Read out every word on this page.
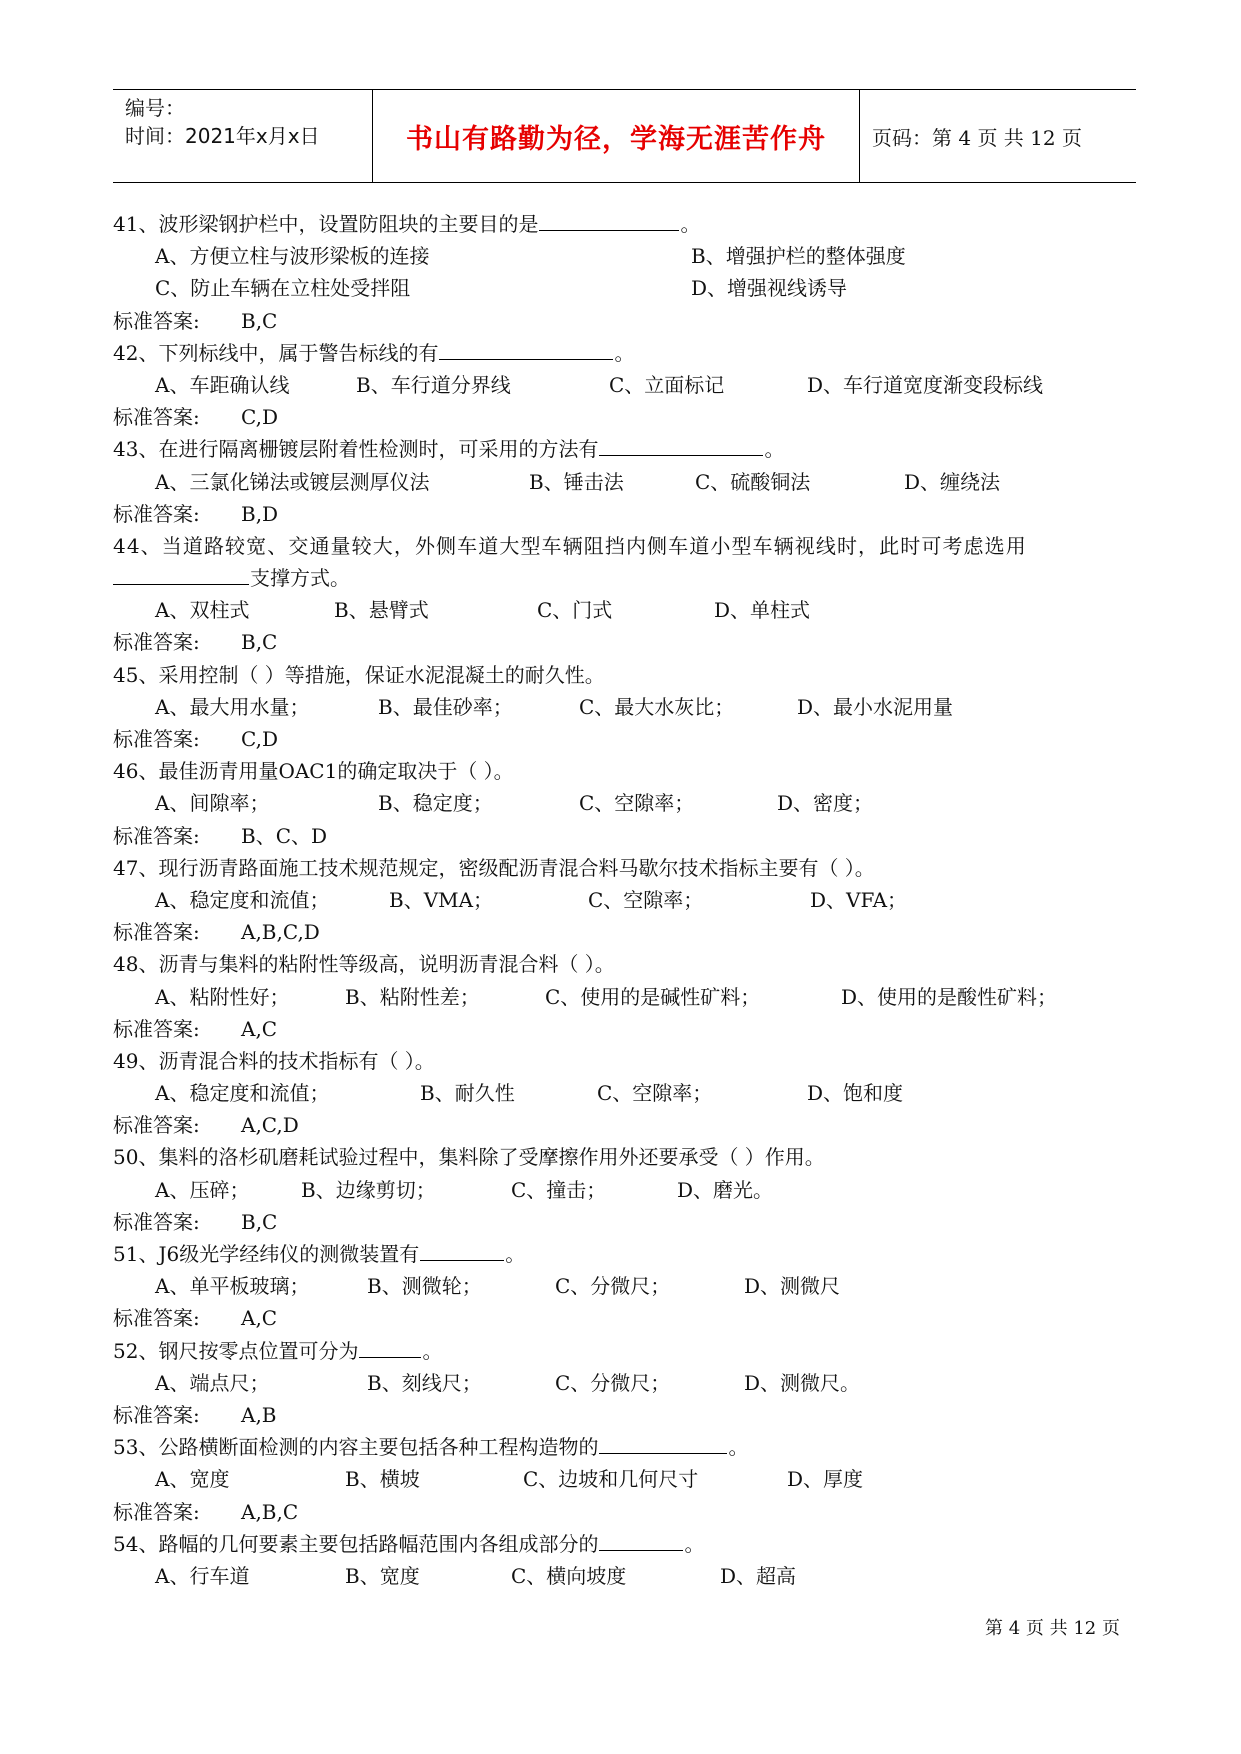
编号：
时间：2021年x月x日	书山有路勤为径，学海无涯苦作舟 页码：第 4 页 共 12 页
41、波形梁钢护栏中，设置防阻块的主要目的是	。
A、方便立柱与波形梁板的连接	B、增强护栏的整体强度
C、防止车辆在立柱处受拌阻	D、增强视线诱导
标准答案: B,C
42、下列标线中，属于警告标线的有	。
A、车距确认线	B、车行道分界线	C、立面标记	D、车行道宽度渐变段标线
标准答案: C,D
43、在进行隔离栅镀层附着性检测时，可采用的方法有	。
A、三氯化锑法或镀层测厚仪法	B、锤击法	C、硫酸铜法	D、缠绕法
标准答案: B,D
44、当道路较宽、交通量较大，外侧车道大型车辆阻挡内侧车道小型车辆视线时，此时可考虑选用
支撑方式。
A、双柱式	B、悬臂式	C、门式	D、单柱式
标准答案: B,C
45、采用控制（ ）等措施，保证水泥混凝土的耐久性。
A、最大用水量；	B、最佳砂率；	C、最大水灰比；	D、最小水泥用量
标准答案: C,D
46、最佳沥青用量OAC1的确定取决于（ ）。
A、间隙率；	B、稳定度；	C、空隙率；	D、密度；
标准答案: B、C、D
47、现行沥青路面施工技术规范规定，密级配沥青混合料马歇尔技术指标主要有（ ）。
A、稳定度和流值；	B、VMA；	C、空隙率；	D、VFA；
标准答案: A,B,C,D
48、沥青与集料的粘附性等级高，说明沥青混合料（ ）。
A、粘附性好；	B、粘附性差；	C、使用的是碱性矿料；	D、使用的是酸性矿料；
标准答案: A,C
49、沥青混合料的技术指标有（ ）。
A、稳定度和流值；	B、耐久性	C、空隙率；	D、饱和度
标准答案: A,C,D
50、集料的洛杉矶磨耗试验过程中，集料除了受摩擦作用外还要承受（ ）作用。
A、压碎；	B、边缘剪切；	C、撞击；	D、磨光。
标准答案: B,C
51、J6级光学经纬仪的测微装置有	。
A、单平板玻璃；	B、测微轮；	C、分微尺；	D、测微尺
标准答案: A,C
52、钢尺按零点位置可分为	。
A、端点尺；	B、刻线尺；	C、分微尺；	D、测微尺。
标准答案: A,B
53、公路横断面检测的内容主要包括各种工程构造物的	。
A、宽度	B、横坡	C、边坡和几何尺寸	D、厚度
标准答案: A,B,C
54、路幅的几何要素主要包括路幅范围内各组成部分的	。
A、行车道	B、宽度	C、横向坡度	D、超高
第 4 页 共 12 页
